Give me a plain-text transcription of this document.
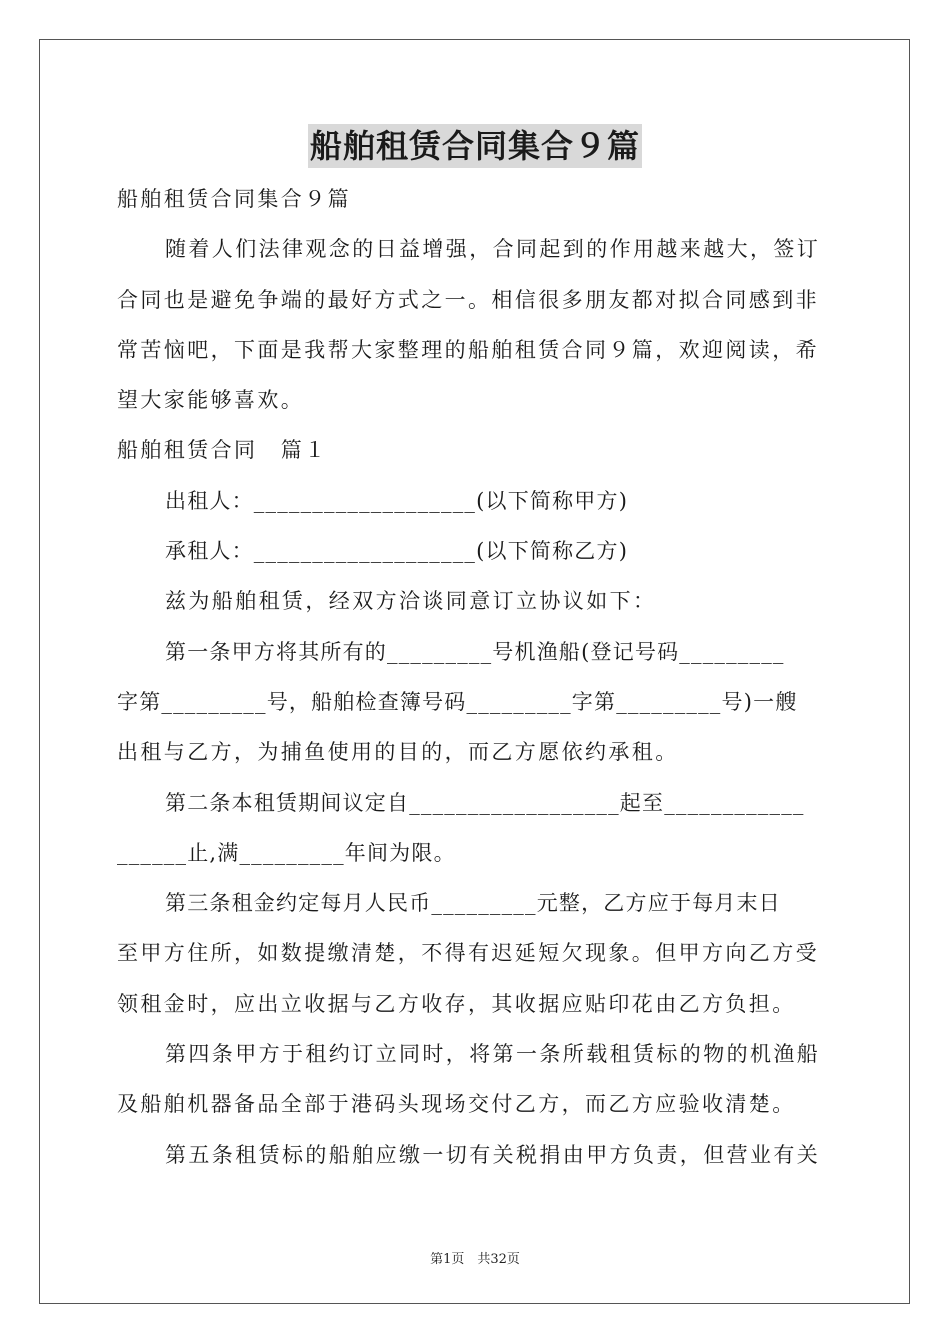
船舶租赁合同集合９篇
船舶租赁合同集合９篇
随着人们法律观念的日益增强，合同起到的作用越来越大，签订
合同也是避免争端的最好方式之一。相信很多朋友都对拟合同感到非
常苦恼吧，下面是我帮大家整理的船舶租赁合同９篇，欢迎阅读，希
望大家能够喜欢。
船舶租赁合同　篇１
出租人：___________________(以下简称甲方)
承租人：___________________(以下简称乙方)
兹为船舶租赁，经双方洽谈同意订立协议如下：
第一条甲方将其所有的_________号机渔船(登记号码_________
字第_________号，船舶检查簿号码_________字第_________号)一艘
出租与乙方，为捕鱼使用的目的，而乙方愿依约承租。
第二条本租赁期间议定自__________________起至____________
______止,满_________年间为限。
第三条租金约定每月人民币_________元整，乙方应于每月末日
至甲方住所，如数提缴清楚，不得有迟延短欠现象。但甲方向乙方受
领租金时，应出立收据与乙方收存，其收据应贴印花由乙方负担。
第四条甲方于租约订立同时，将第一条所载租赁标的物的机渔船
及船舶机器备品全部于港码头现场交付乙方，而乙方应验收清楚。
第五条租赁标的船舶应缴一切有关税捐由甲方负责，但营业有关
第1页　共32页
